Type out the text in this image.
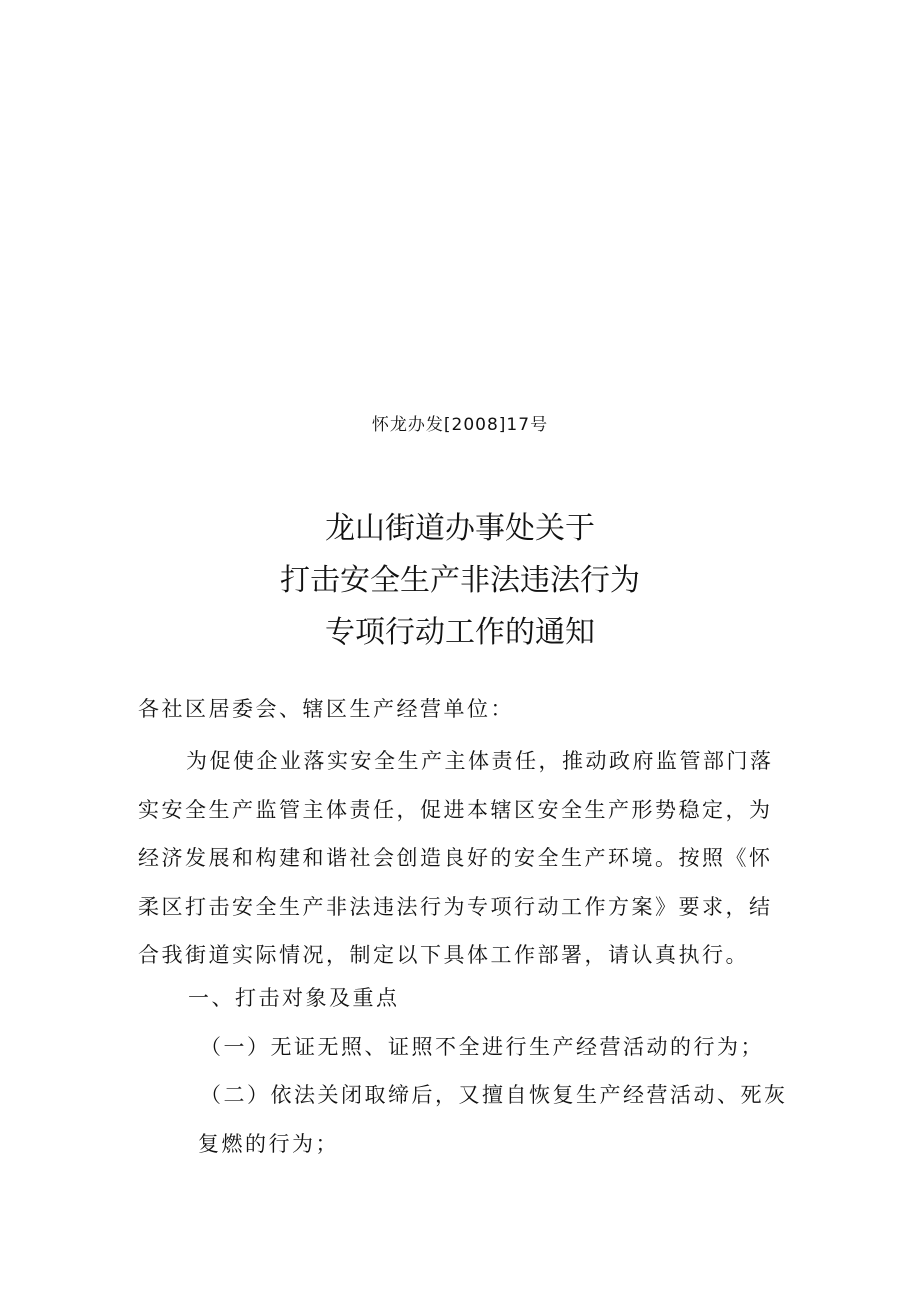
怀龙办发[2008]17号
龙山街道办事处关于
打击安全生产非法违法行为
专项行动工作的通知
各社区居委会、辖区生产经营单位：
为促使企业落实安全生产主体责任，推动政府监管部门落
实安全生产监管主体责任，促进本辖区安全生产形势稳定，为
经济发展和构建和谐社会创造良好的安全生产环境。按照《怀
柔区打击安全生产非法违法行为专项行动工作方案》要求，结
合我街道实际情况，制定以下具体工作部署，请认真执行。
一、打击对象及重点
（一）无证无照、证照不全进行生产经营活动的行为；
（二）依法关闭取缔后，又擅自恢复生产经营活动、死灰
复燃的行为；
